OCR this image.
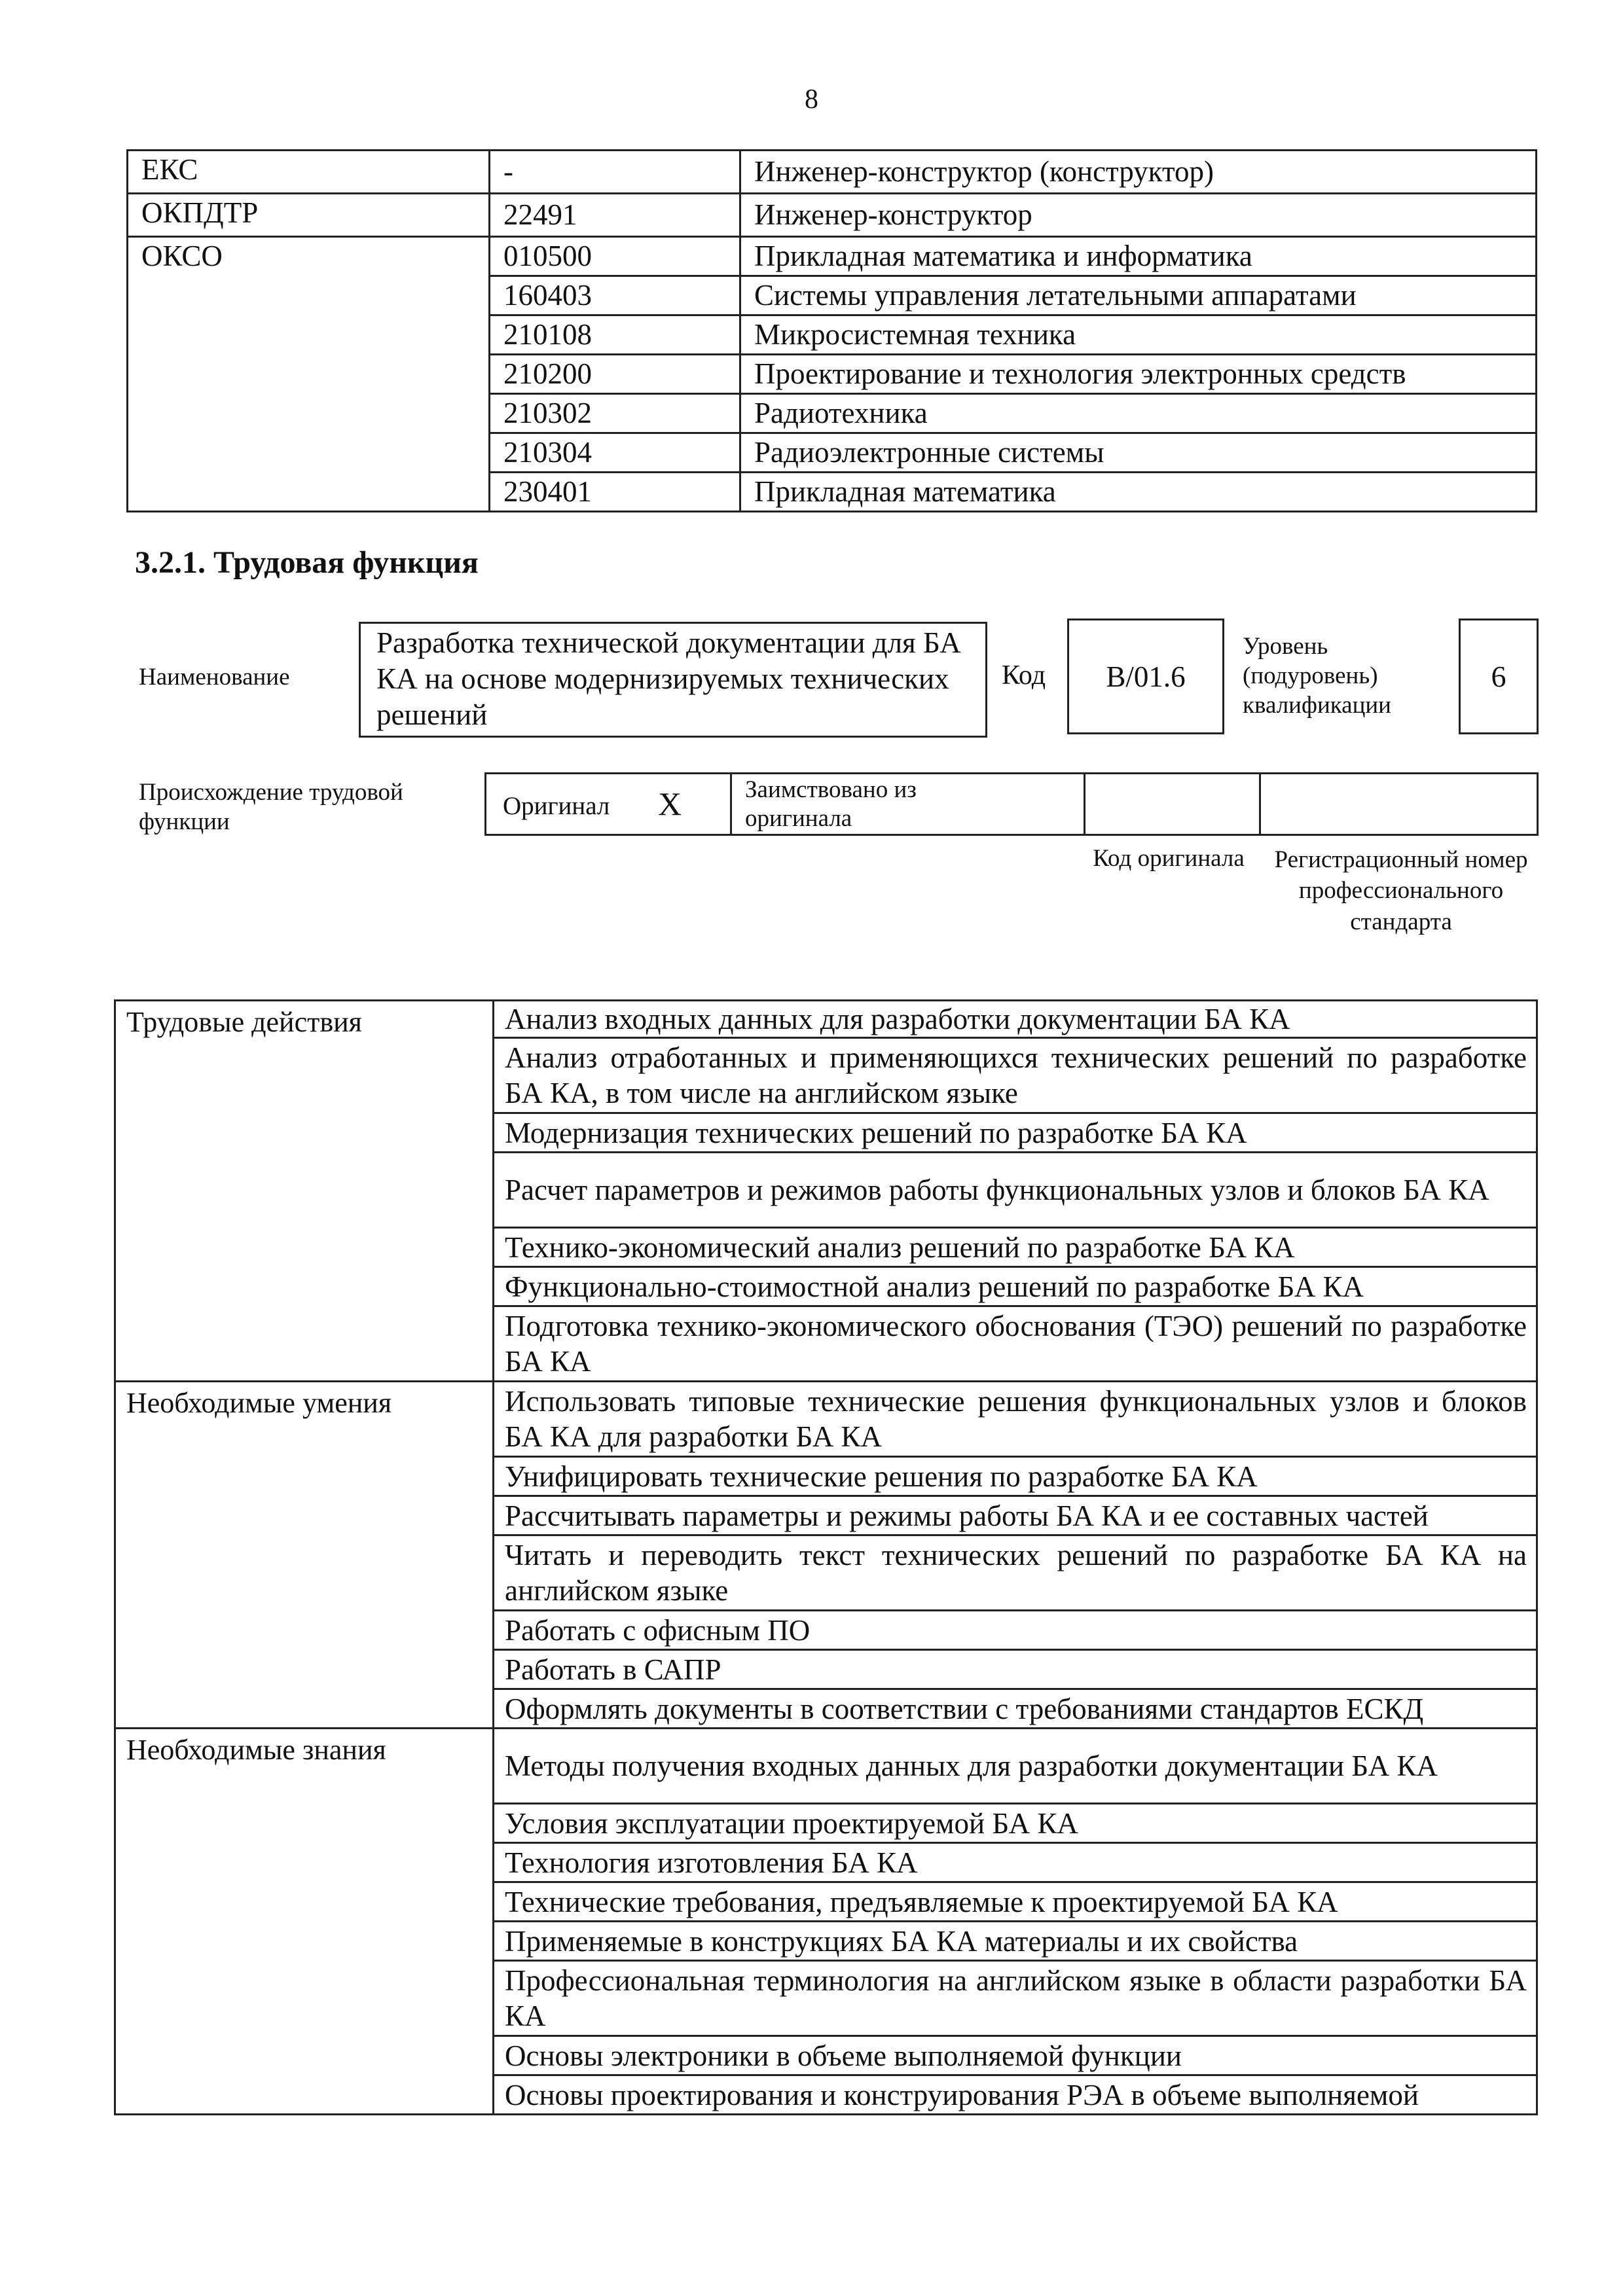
8
ЕКС	-	Инженер-конструктор (конструктор)
ОКПДТР	22491	Инженер-конструктор
ОКСО	010500	Прикладная математика и информатика
	160403	Системы управления летательными аппаратами
	210108	Микросистемная техника
	210200	Проектирование и технология электронных средств
	210302	Радиотехника
	210304	Радиоэлектронные системы
	230401	Прикладная математика
3.2.1. Трудовая функция
Наименование
Разработка технической документации для БА КА на основе модернизируемых технических решений
Код	B/01.6
Уровень (подуровень) квалификации
6
Происхождение трудовой функции
Оригинал X	Заимствовано из оригинала
Код оригинала	Регистрационный номер профессионального стандарта
Трудовые действия	Анализ входных данных для разработки документации БА КА
	Анализ отработанных и применяющихся технических решений по разработке БА КА, в том числе на английском языке
	Модернизация технических решений по разработке БА КА
	Расчет параметров и режимов работы функциональных узлов и блоков БА КА
	Технико-экономический анализ решений по разработке БА КА
	Функционально-стоимостной анализ решений по разработке БА КА
	Подготовка технико-экономического обоснования (ТЭО) решений по разработке БА КА
Необходимые умения	Использовать типовые технические решения функциональных узлов и блоков БА КА для разработки БА КА
	Унифицировать технические решения по разработке БА КА
	Рассчитывать параметры и режимы работы БА КА и ее составных частей
	Читать и переводить текст технических решений по разработке БА КА на английском языке
	Работать с офисным ПО
	Работать в САПР
	Оформлять документы в соответствии с требованиями стандартов ЕСКД
Необходимые знания	Методы получения входных данных для разработки документации БА КА
	Условия эксплуатации проектируемой БА КА
	Технология изготовления БА КА
	Технические требования, предъявляемые к проектируемой БА КА
	Применяемые в конструкциях БА КА материалы и их свойства
	Профессиональная терминология на английском языке в области разработки БА КА
	Основы электроники в объеме выполняемой функции
	Основы проектирования и конструирования РЭА в объеме выполняемой
